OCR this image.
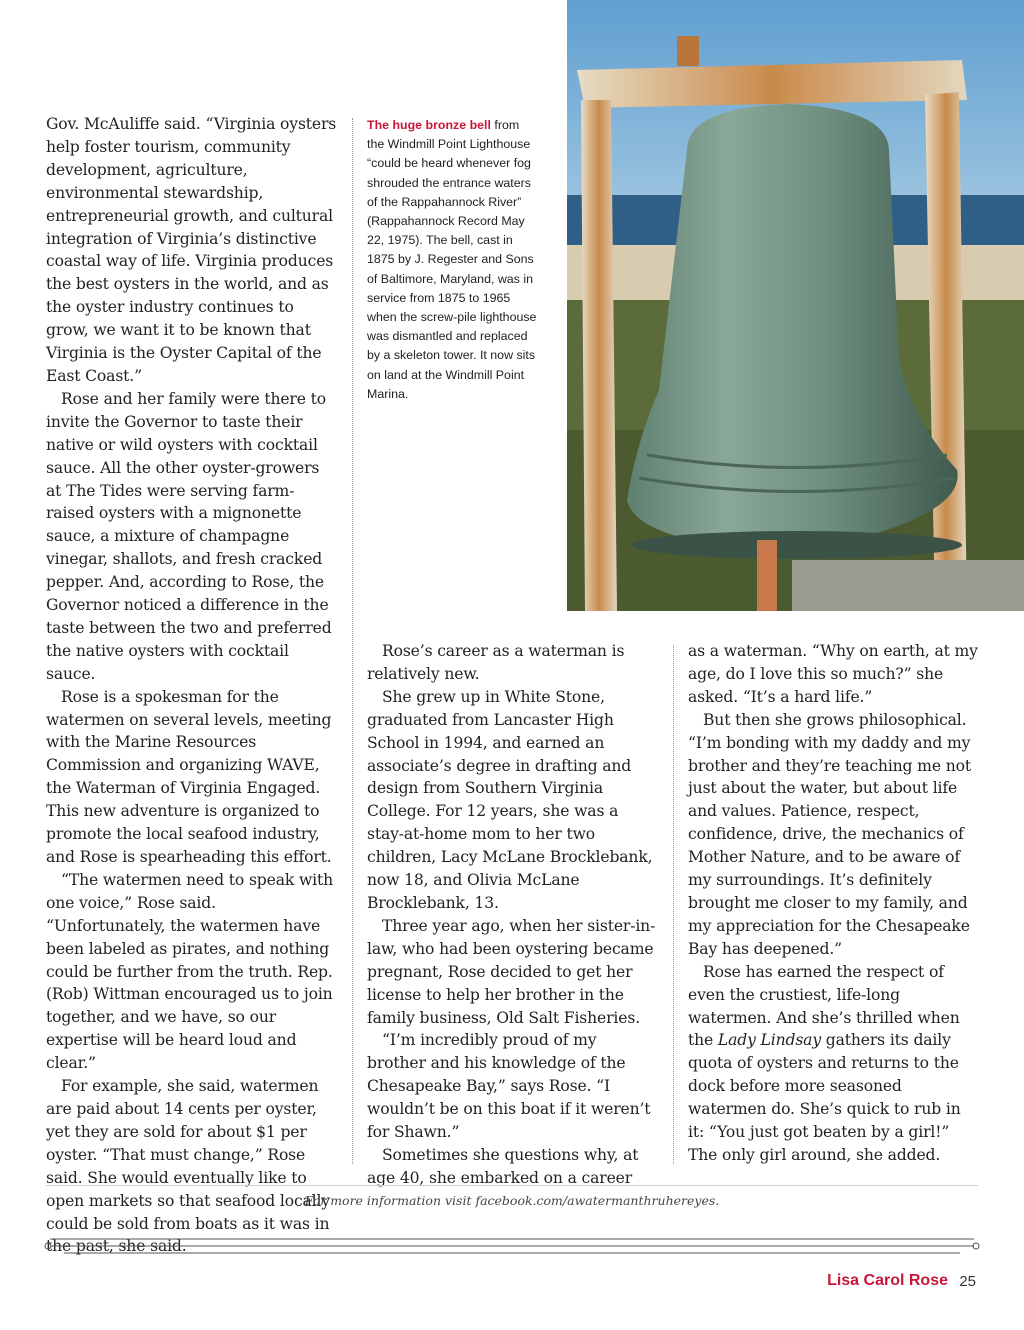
Gov. McAuliffe said. “Virginia oysters help foster tourism, community development, agriculture, environmental stewardship, entrepreneurial growth, and cultural integration of Virginia’s distinctive coastal way of life. Virginia produces the best oysters in the world, and as the oyster industry continues to grow, we want it to be known that Virginia is the Oyster Capital of the East Coast.”

Rose and her family were there to invite the Governor to taste their native or wild oysters with cocktail sauce. All the other oyster-growers at The Tides were serving farm-raised oysters with a mignonette sauce, a mixture of champagne vinegar, shallots, and fresh cracked pepper. And, according to Rose, the Governor noticed a difference in the taste between the two and preferred the native oysters with cocktail sauce.

Rose is a spokesman for the watermen on several levels, meeting with the Marine Resources Commission and organizing WAVE, the Waterman of Virginia Engaged. This new adventure is organized to promote the local seafood industry, and Rose is spearheading this effort.

“The watermen need to speak with one voice,” Rose said. “Unfortunately, the watermen have been labeled as pirates, and nothing could be further from the truth. Rep. (Rob) Wittman encouraged us to join together, and we have, so our expertise will be heard loud and clear.”

For example, she said, watermen are paid about 14 cents per oyster, yet they are sold for about $1 per oyster. “That must change,” Rose said. She would eventually like to open markets so that seafood locally could be sold from boats as it was in the past, she said.

The huge bronze bell from the Windmill Point Lighthouse “could be heard whenever fog shrouded the entrance waters of the Rappahannock River” (Rappahannock Record May 22, 1975). The bell, cast in 1875 by J. Regester and Sons of Baltimore, Maryland, was in service from 1875 to 1965 when the screw-pile lighthouse was dismantled and replaced by a skeleton tower. It now sits on land at the Windmill Point Marina.

Rose’s career as a waterman is relatively new.

She grew up in White Stone, graduated from Lancaster High School in 1994, and earned an associate’s degree in drafting and design from Southern Virginia College. For 12 years, she was a stay-at-home mom to her two children, Lacy McLane Brocklebank, now 18, and Olivia McLane Brocklebank, 13.

Three year ago, when her sister-in-law, who had been oystering became pregnant, Rose decided to get her license to help her brother in the family business, Old Salt Fisheries.

“I’m incredibly proud of my brother and his knowledge of the Chesapeake Bay,” says Rose. “I wouldn’t be on this boat if it weren’t for Shawn.”

Sometimes she questions why, at age 40, she embarked on a career

as a waterman. “Why on earth, at my age, do I love this so much?” she asked. “It’s a hard life.”

But then she grows philosophical. “I’m bonding with my daddy and my brother and they’re teaching me not just about the water, but about life and values. Patience, respect, confidence, drive, the mechanics of Mother Nature, and to be aware of my surroundings. It’s definitely brought me closer to my family, and my appreciation for the Chesapeake Bay has deepened.”

Rose has earned the respect of even the crustiest, life-long watermen. And she’s thrilled when the Lady Lindsay gathers its daily quota of oysters and returns to the dock before more seasoned watermen do. She’s quick to rub in it: “You just got beaten by a girl!” The only girl around, she added.

For more information visit facebook.com/awatermanthruhereyes.
Lisa Carol Rose 25
